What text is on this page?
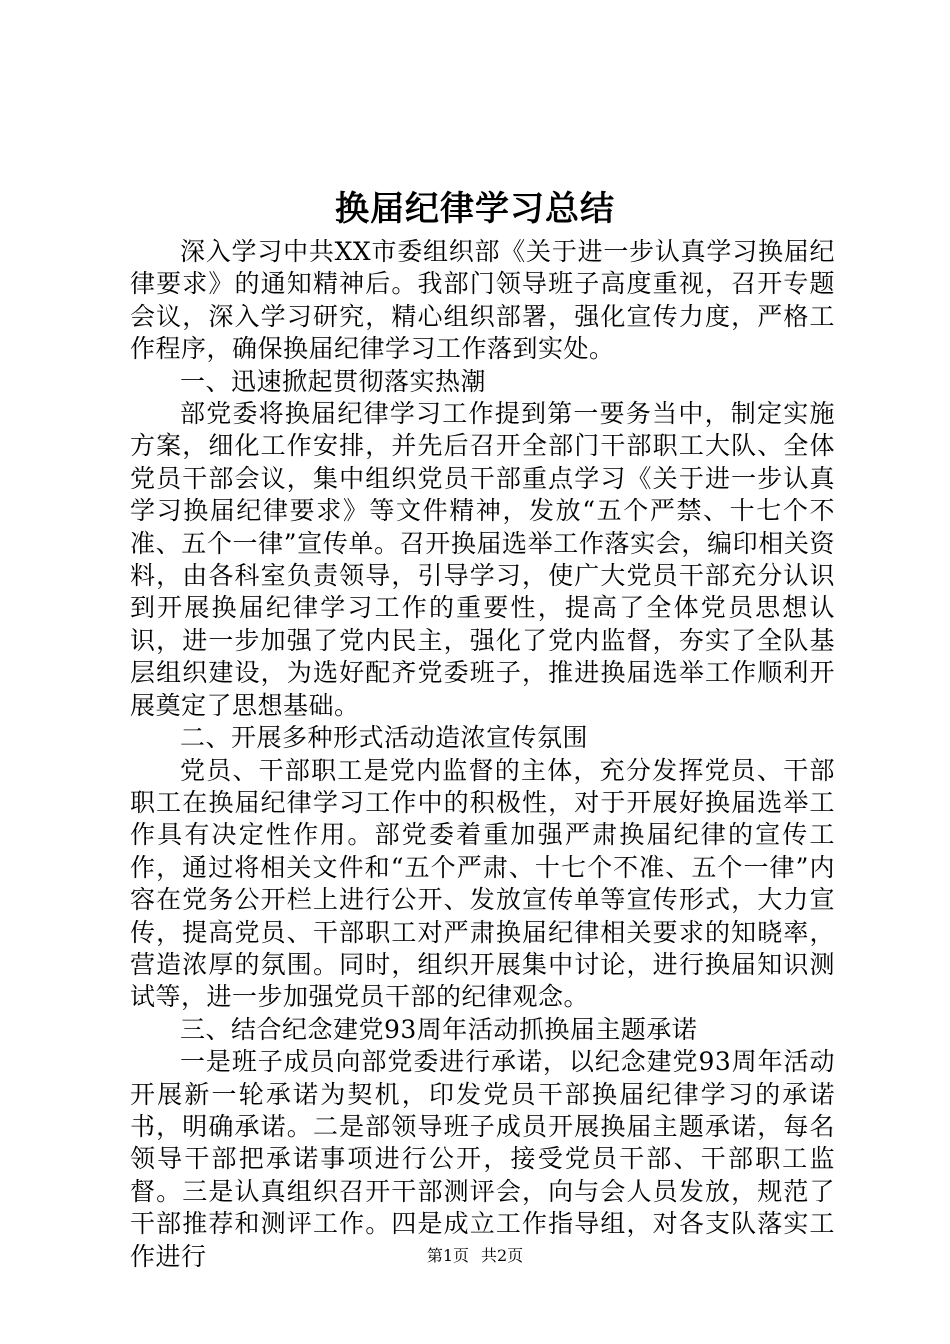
换届纪律学习总结

深入学习中共XX市委组织部《关于进一步认真学习换届纪律要求》的通知精神后。我部门领导班子高度重视，召开专题会议，深入学习研究，精心组织部署，强化宣传力度，严格工作程序，确保换届纪律学习工作落到实处。

一、迅速掀起贯彻落实热潮

部党委将换届纪律学习工作提到第一要务当中，制定实施方案，细化工作安排，并先后召开全部门干部职工大队、全体党员干部会议，集中组织党员干部重点学习《关于进一步认真学习换届纪律要求》等文件精神，发放“五个严禁、十七个不准、五个一律”宣传单。召开换届选举工作落实会，编印相关资料，由各科室负责领导，引导学习，使广大党员干部充分认识到开展换届纪律学习工作的重要性，提高了全体党员思想认识，进一步加强了党内民主，强化了党内监督，夯实了全队基层组织建设，为选好配齐党委班子，推进换届选举工作顺利开展奠定了思想基础。

二、开展多种形式活动造浓宣传氛围

党员、干部职工是党内监督的主体，充分发挥党员、干部职工在换届纪律学习工作中的积极性，对于开展好换届选举工作具有决定性作用。部党委着重加强严肃换届纪律的宣传工作，通过将相关文件和“五个严肃、十七个不准、五个一律”内容在党务公开栏上进行公开、发放宣传单等宣传形式，大力宣传，提高党员、干部职工对严肃换届纪律相关要求的知晓率，营造浓厚的氛围。同时，组织开展集中讨论，进行换届知识测试等，进一步加强党员干部的纪律观念。

三、结合纪念建党93周年活动抓换届主题承诺

一是班子成员向部党委进行承诺，以纪念建党93周年活动开展新一轮承诺为契机，印发党员干部换届纪律学习的承诺书，明确承诺。二是部领导班子成员开展换届主题承诺，每名领导干部把承诺事项进行公开，接受党员干部、干部职工监督。三是认真组织召开干部测评会，向与会人员发放，规范了干部推荐和测评工作。四是成立工作指导组，对各支队落实工作进行	第1页 共2页
